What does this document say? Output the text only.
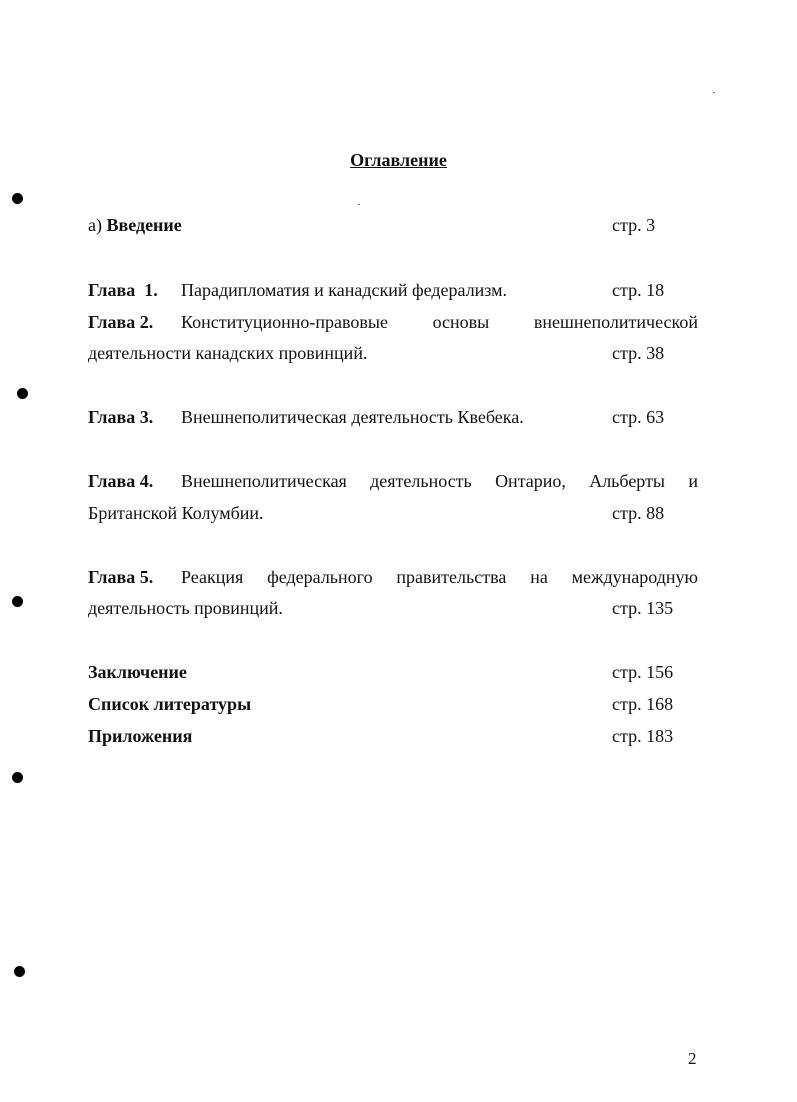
Оглавление
а) Введение	стр. 3
Глава  1. Парадипломатия и канадский федерализм.	стр. 18
Глава 2. Конституционно-правовые основы внешнеполитической
деятельности канадских провинций.	стр. 38
Глава 3. Внешнеполитическая деятельность Квебека.	стр. 63
Глава 4. Внешнеполитическая деятельность Онтарио, Альберты и
Британской Колумбии.	стр. 88
Глава 5. Реакция федерального правительства на международную
деятельность провинций.	стр. 135
Заключение	стр. 156
Список литературы	стр. 168
Приложения	стр. 183
2
